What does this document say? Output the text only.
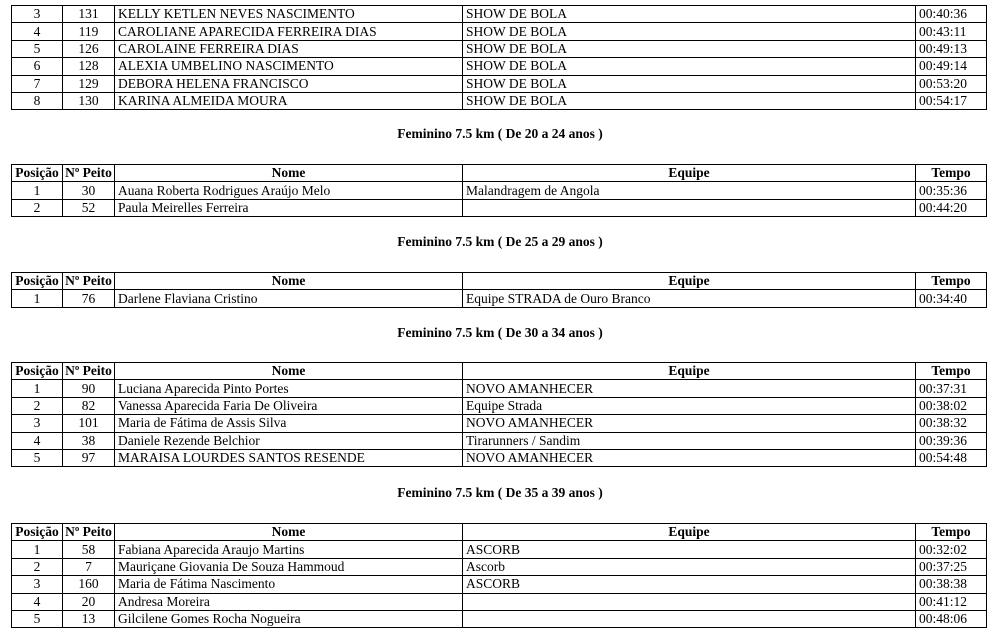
3	131	KELLY KETLEN NEVES NASCIMENTO	SHOW DE BOLA	00:40:36
4	119	CAROLIANE APARECIDA FERREIRA DIAS	SHOW DE BOLA	00:43:11
5	126	CAROLAINE FERREIRA DIAS	SHOW DE BOLA	00:49:13
6	128	ALEXIA UMBELINO NASCIMENTO	SHOW DE BOLA	00:49:14
7	129	DEBORA HELENA FRANCISCO	SHOW DE BOLA	00:53:20
8	130	KARINA ALMEIDA MOURA	SHOW DE BOLA	00:54:17
Feminino 7.5 km ( De 20 a 24 anos )
Posição	Nº Peito	Nome	Equipe	Tempo
1	30	Auana Roberta Rodrigues Araújo Melo	Malandragem de Angola	00:35:36
2	52	Paula Meirelles Ferreira		00:44:20
Feminino 7.5 km ( De 25 a 29 anos )
Posição	Nº Peito	Nome	Equipe	Tempo
1	76	Darlene Flaviana Cristino	Equipe STRADA de Ouro Branco	00:34:40
Feminino 7.5 km ( De 30 a 34 anos )
Posição	Nº Peito	Nome	Equipe	Tempo
1	90	Luciana Aparecida Pinto Portes	NOVO AMANHECER	00:37:31
2	82	Vanessa Aparecida Faria De Oliveira	Equipe Strada	00:38:02
3	101	Maria de Fátima de Assis Silva	NOVO AMANHECER	00:38:32
4	38	Daniele Rezende Belchior	Tirarunners / Sandim	00:39:36
5	97	MARAISA LOURDES SANTOS RESENDE	NOVO AMANHECER	00:54:48
Feminino 7.5 km ( De 35 a 39 anos )
Posição	Nº Peito	Nome	Equipe	Tempo
1	58	Fabiana Aparecida Araujo Martins	ASCORB	00:32:02
2	7	Mauriçane Giovania De Souza Hammoud	Ascorb	00:37:25
3	160	Maria de Fátima Nascimento	ASCORB	00:38:38
4	20	Andresa Moreira		00:41:12
5	13	Gilcilene Gomes Rocha Nogueira		00:48:06
